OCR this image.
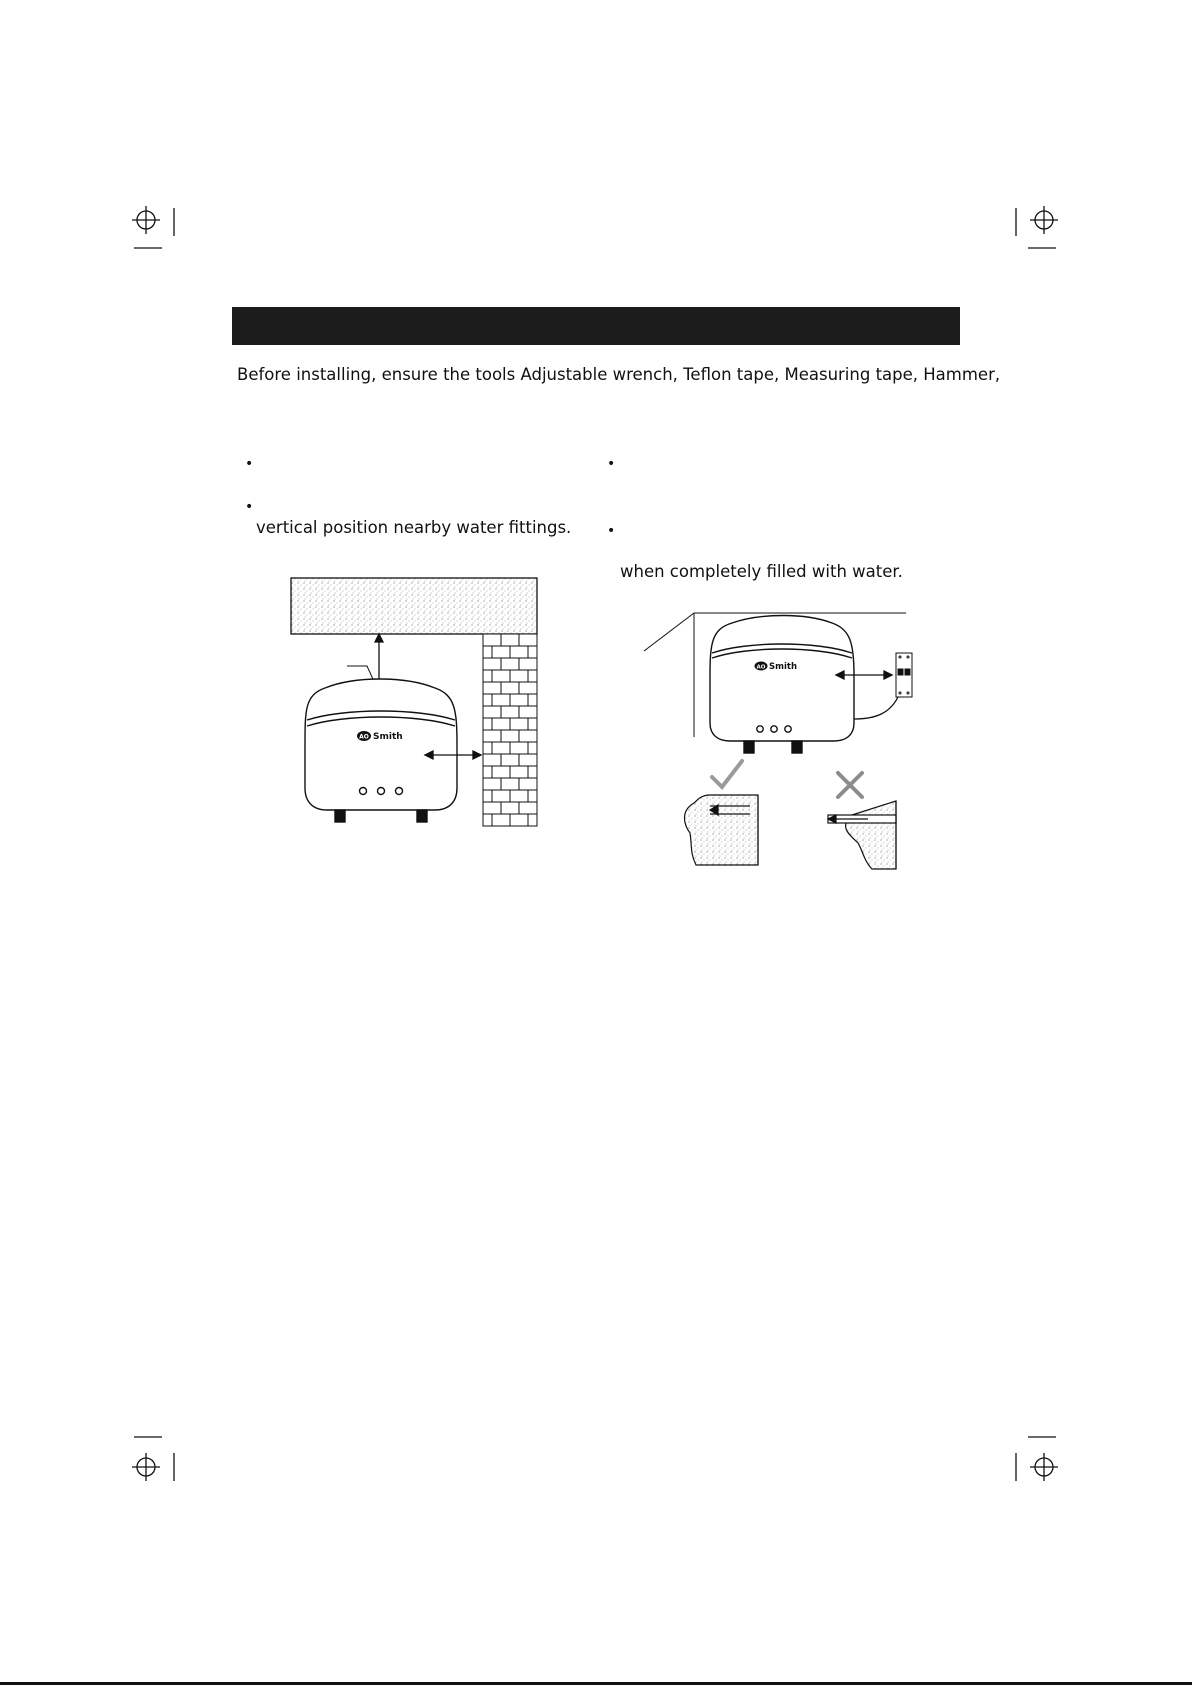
Before installing, ensure the tools Adjustable wrench, Teflon tape, Measuring tape, Hammer,
•
•
vertical position nearby water fittings.
•
•
when completely filled with water.
AO Smith
AO Smith
